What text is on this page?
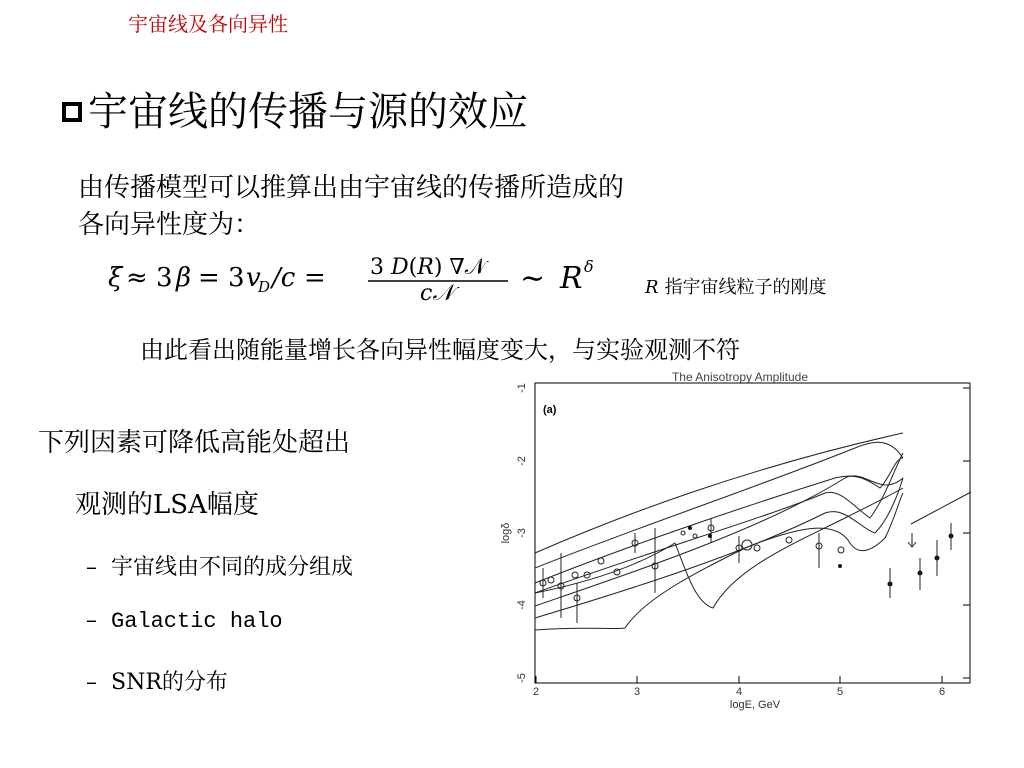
宇宙线及各向异性
宇宙线的传播与源的效应
由传播模型可以推算出由宇宙线的传播所造成的各向异性度为：
ξ ≈ 3 β = 3 v
D /c = 3 D(R) ∇𝒩
c𝒩 ∼ R δ
R 指宇宙线粒子的刚度
由此看出随能量增长各向异性幅度变大，与实验观测不符
下列因素可降低高能处超出
观测的LSA幅度
– 宇宙线由不同的成分组成
– Galactic halo
– SNR的分布
The Anisotropy Amplitude
(a)
-1
-2
-3
-4
-5
logδ
2	3	4	5	6
logE, GeV
